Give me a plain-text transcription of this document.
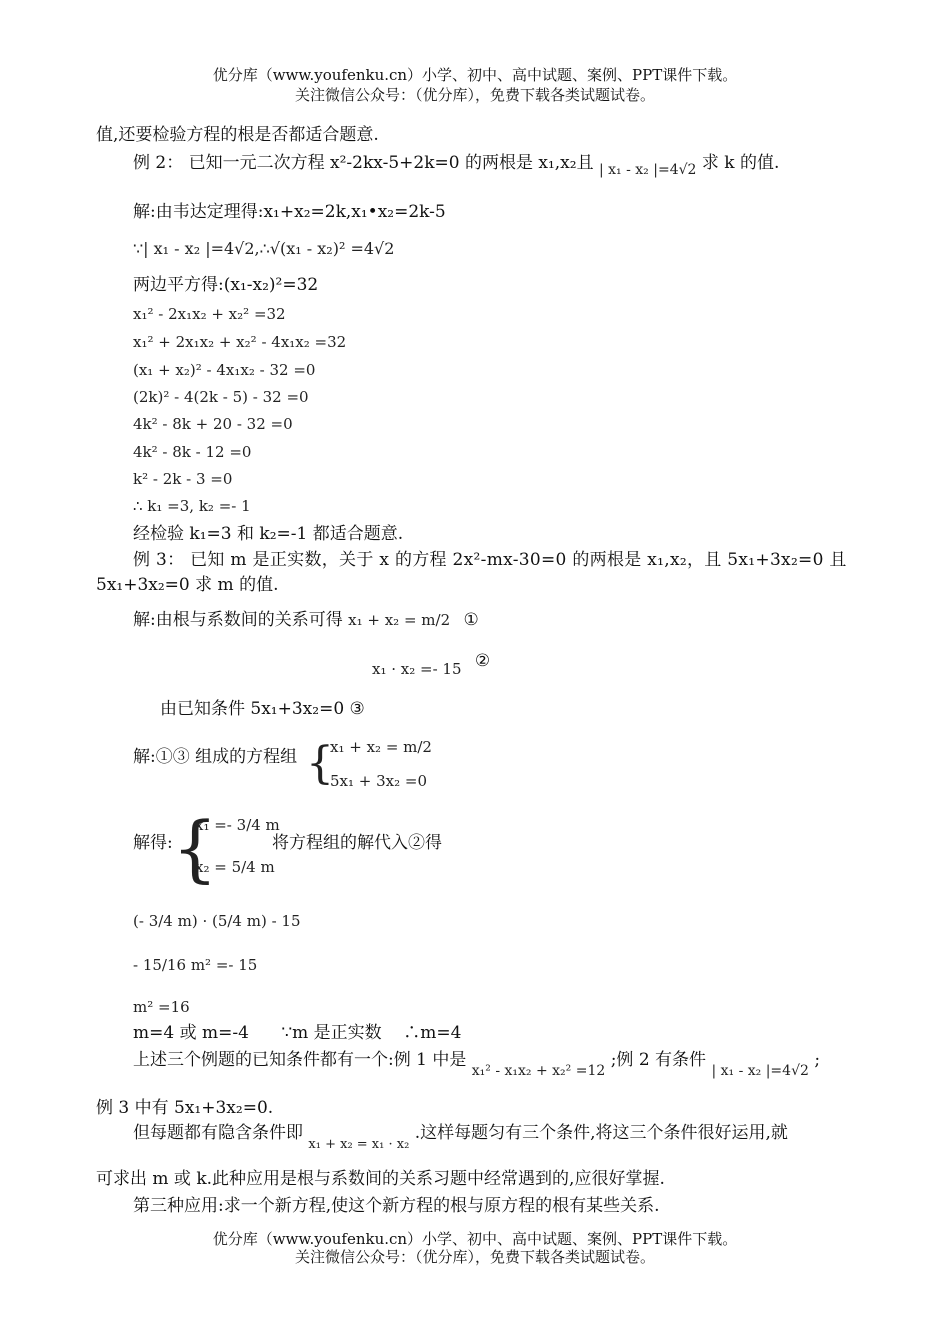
优分库（www.youfenku.cn）小学、初中、高中试题、案例、PPT课件下载。
关注微信公众号：（优分库），免费下载各类试题试卷。
值,还要检验方程的根是否都适合题意.
例 2： 已知一元二次方程 x²-2kx-5+2k=0 的两根是 x₁,x₂且 $_{| x_1 - x_2 |=4√2}$ 求 k 的值.
解:由韦达定理得:x₁+x₂=2k,x₁•x₂=2k-5
∵| x₁ - x₂ |=4√2,∴√(x₁ - x₂)² =4√2
两边平方得:(x₁-x₂)²=32
x₁² - 2x₁x₂ + x₂² =32
x₁² + 2x₁x₂ + x₂² - 4x₁x₂ =32
(x₁ + x₂)² - 4x₁x₂ - 32 =0
(2k)² - 4(2k - 5) - 32 =0
4k² - 8k + 20 - 32 =0
4k² - 8k - 12 =0
k² - 2k - 3 =0
∴ k₁ =3, k₂ =- 1
经检验 k₁=3 和 k₂=-1 都适合题意.
例 3： 已知 m 是正实数，关于 x 的方程 2x²-mx-30=0 的两根是 x₁,x₂，且 5x₁+3x₂=0 且
5x₁+3x₂=0 求 m 的值.
解:由根与系数间的关系可得 x₁ + x₂ = m/2 ①
x₁ · x₂ =- 15 ②
由已知条件 5x₁+3x₂=0 ③
解:①③ 组成的方程组 {
x₁ + x₂ = m/2
5x₁ + 3x₂ =0
解得: {
x₁ =- 3/4 m
x₂ = 5/4 m
将方程组的解代入②得
(- 3/4 m) · (5/4 m) - 15
- 15/16 m² =- 15
m² =16
m=4 或 m=-4      ∵m 是正实数    ∴m=4
上述三个例题的已知条件都有一个:例 1 中是 $_{x_1^2 - x_1x_2 + x_2^2 =12}$ ;例 2 有条件 $_{| x_1 - x_2 |=4√2}$ ;
例 3 中有 5x₁+3x₂=0.
但每题都有隐含条件即 $_{x_1 + x_2 = x_1 \cdot x_2}$ .这样每题匀有三个条件,将这三个条件很好运用,就
可求出 m 或 k.此种应用是根与系数间的关系习题中经常遇到的,应很好掌握.
第三种应用:求一个新方程,使这个新方程的根与原方程的根有某些关系.
优分库（www.youfenku.cn）小学、初中、高中试题、案例、PPT课件下载。
关注微信公众号：（优分库），免费下载各类试题试卷。
